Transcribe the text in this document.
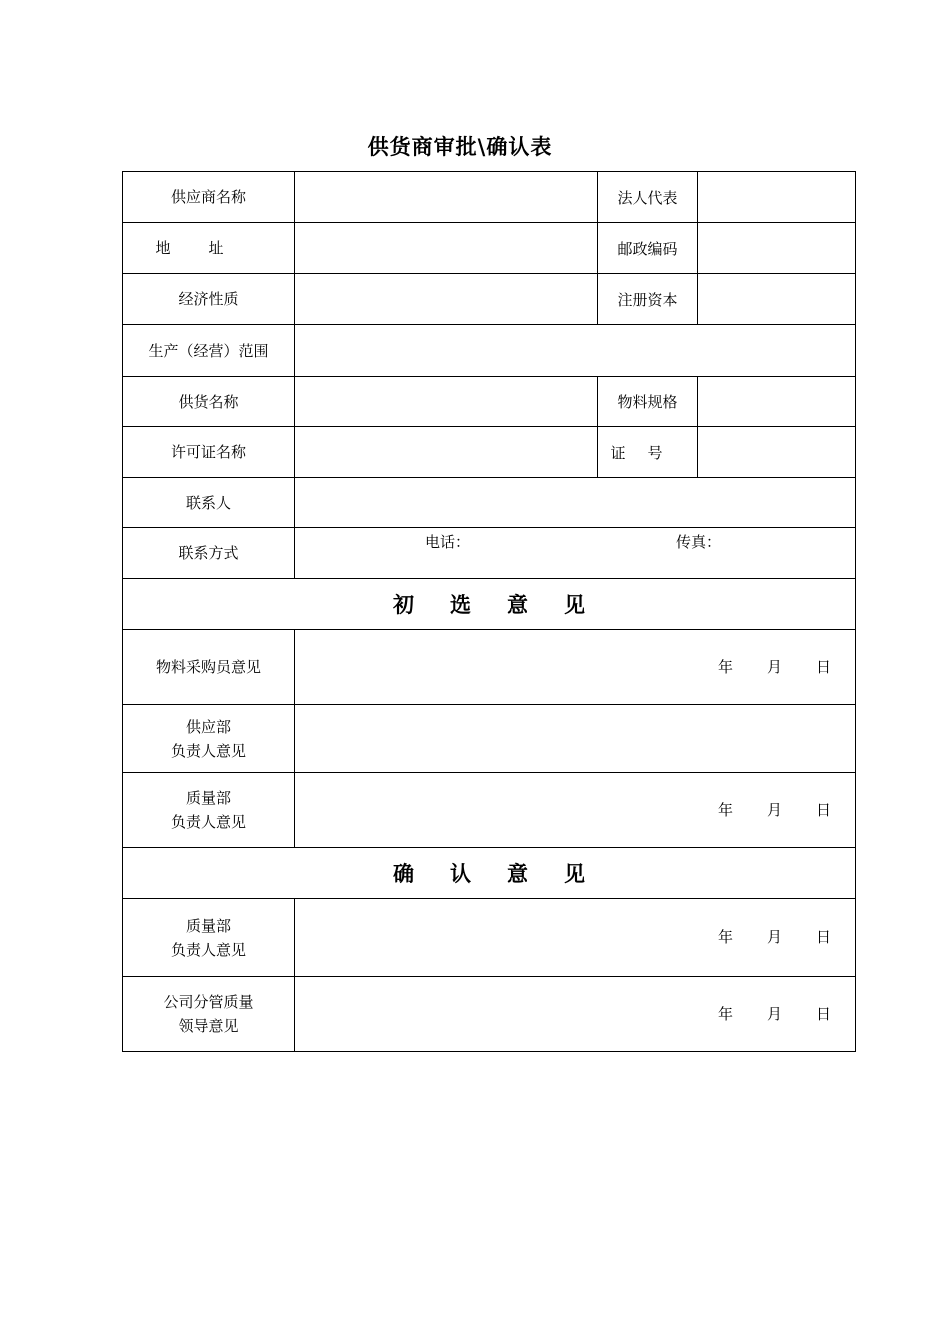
供货商审批\确认表
供应商名称		法人代表	
地址		邮政编码	
经济性质		注册资本	
生产（经营）范围			
供货名称		物料规格	
许可证名称		证号	
联系人			
联系方式	电话： 传真：		

初选意见			
物料采购员意见	年 月 日		

供应部
负责人意见			

质量部
负责人意见	年 月 日		
确认意见			

质量部
负责人意见	年 月 日		

公司分管质量
领导意见	年 月 日		
